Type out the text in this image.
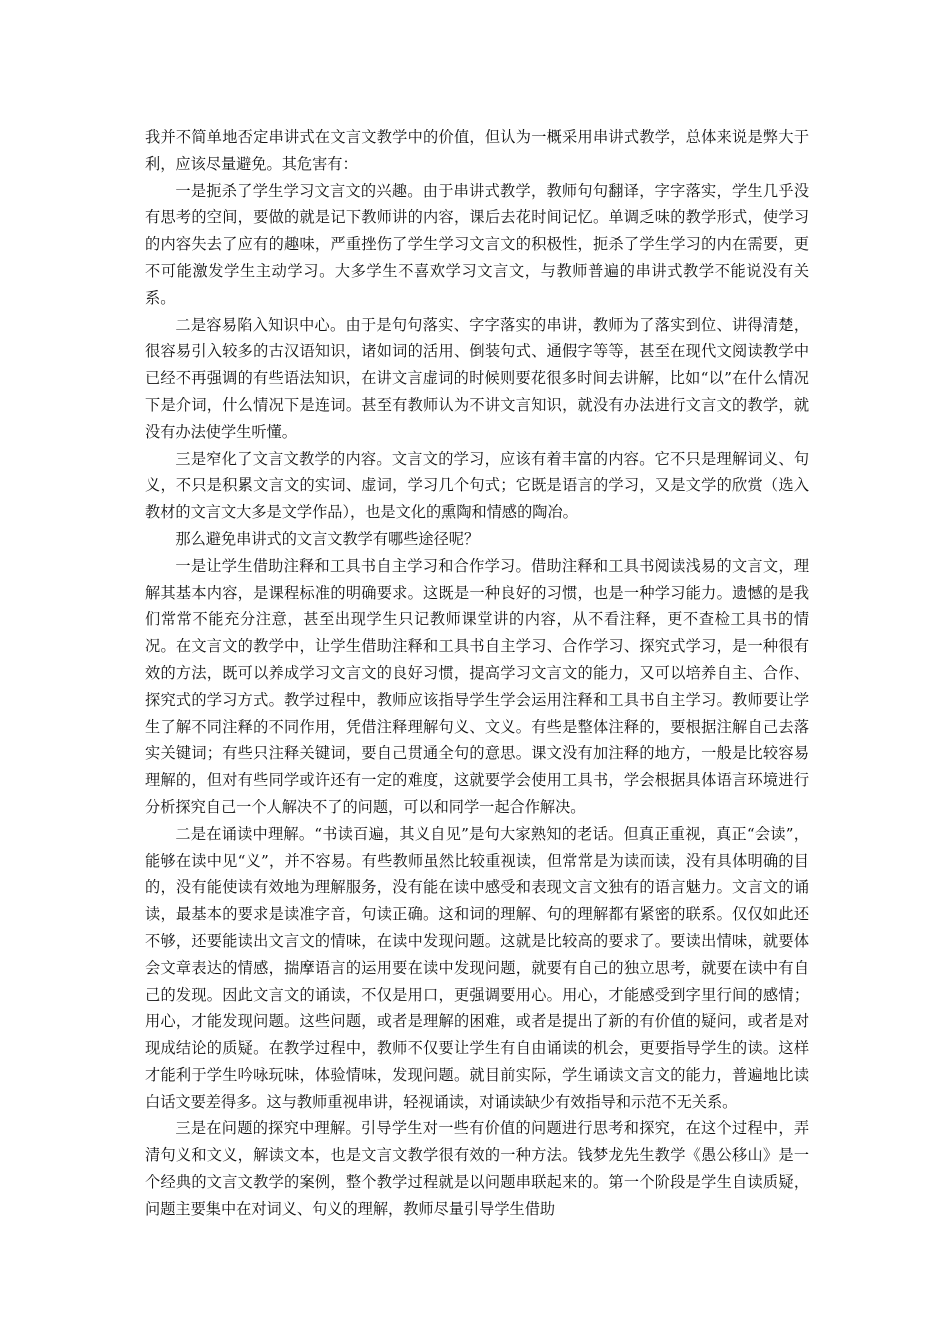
我并不简单地否定串讲式在文言文教学中的价值，但认为一概采用串讲式教学，总体来说是弊大于利，应该尽量避免。其危害有：

一是扼杀了学生学习文言文的兴趣。由于串讲式教学，教师句句翻译，字字落实，学生几乎没有思考的空间，要做的就是记下教师讲的内容，课后去花时间记忆。单调乏味的教学形式，使学习的内容失去了应有的趣味，严重挫伤了学生学习文言文的积极性，扼杀了学生学习的内在需要，更不可能激发学生主动学习。大多学生不喜欢学习文言文，与教师普遍的串讲式教学不能说没有关系。

二是容易陷入知识中心。由于是句句落实、字字落实的串讲，教师为了落实到位、讲得清楚，很容易引入较多的古汉语知识，诸如词的活用、倒装句式、通假字等等，甚至在现代文阅读教学中已经不再强调的有些语法知识，在讲文言虚词的时候则要花很多时间去讲解，比如“以”在什么情况下是介词，什么情况下是连词。甚至有教师认为不讲文言知识，就没有办法进行文言文的教学，就没有办法使学生听懂。

三是窄化了文言文教学的内容。文言文的学习，应该有着丰富的内容。它不只是理解词义、句义，不只是积累文言文的实词、虚词，学习几个句式；它既是语言的学习，又是文学的欣赏（选入教材的文言文大多是文学作品），也是文化的熏陶和情感的陶冶。

那么避免串讲式的文言文教学有哪些途径呢？

一是让学生借助注释和工具书自主学习和合作学习。借助注释和工具书阅读浅易的文言文，理解其基本内容，是课程标准的明确要求。这既是一种良好的习惯，也是一种学习能力。遗憾的是我们常常不能充分注意，甚至出现学生只记教师课堂讲的内容，从不看注释，更不查检工具书的情况。在文言文的教学中，让学生借助注释和工具书自主学习、合作学习、探究式学习，是一种很有效的方法，既可以养成学习文言文的良好习惯，提高学习文言文的能力，又可以培养自主、合作、探究式的学习方式。教学过程中，教师应该指导学生学会运用注释和工具书自主学习。教师要让学生了解不同注释的不同作用，凭借注释理解句义、文义。有些是整体注释的，要根据注解自己去落实关键词；有些只注释关键词，要自己贯通全句的意思。课文没有加注释的地方，一般是比较容易理解的，但对有些同学或许还有一定的难度，这就要学会使用工具书，学会根据具体语言环境进行分析探究自己一个人解决不了的问题，可以和同学一起合作解决。

二是在诵读中理解。“书读百遍，其义自见”是句大家熟知的老话。但真正重视，真正“会读”，能够在读中见“义”，并不容易。有些教师虽然比较重视读，但常常是为读而读，没有具体明确的目的，没有能使读有效地为理解服务，没有能在读中感受和表现文言文独有的语言魅力。文言文的诵读，最基本的要求是读准字音，句读正确。这和词的理解、句的理解都有紧密的联系。仅仅如此还不够，还要能读出文言文的情味，在读中发现问题。这就是比较高的要求了。要读出情味，就要体会文章表达的情感，揣摩语言的运用要在读中发现问题，就要有自己的独立思考，就要在读中有自己的发现。因此文言文的诵读，不仅是用口，更强调要用心。用心，才能感受到字里行间的感情；用心，才能发现问题。这些问题，或者是理解的困难，或者是提出了新的有价值的疑问，或者是对现成结论的质疑。在教学过程中，教师不仅要让学生有自由诵读的机会，更要指导学生的读。这样才能利于学生吟咏玩味，体验情味，发现问题。就目前实际，学生诵读文言文的能力，普遍地比读白话文要差得多。这与教师重视串讲，轻视诵读，对诵读缺少有效指导和示范不无关系。

三是在问题的探究中理解。引导学生对一些有价值的问题进行思考和探究，在这个过程中，弄清句义和文义，解读文本，也是文言文教学很有效的一种方法。钱梦龙先生教学《愚公移山》是一个经典的文言文教学的案例，整个教学过程就是以问题串联起来的。第一个阶段是学生自读质疑，问题主要集中在对词义、句义的理解，教师尽量引导学生借助
